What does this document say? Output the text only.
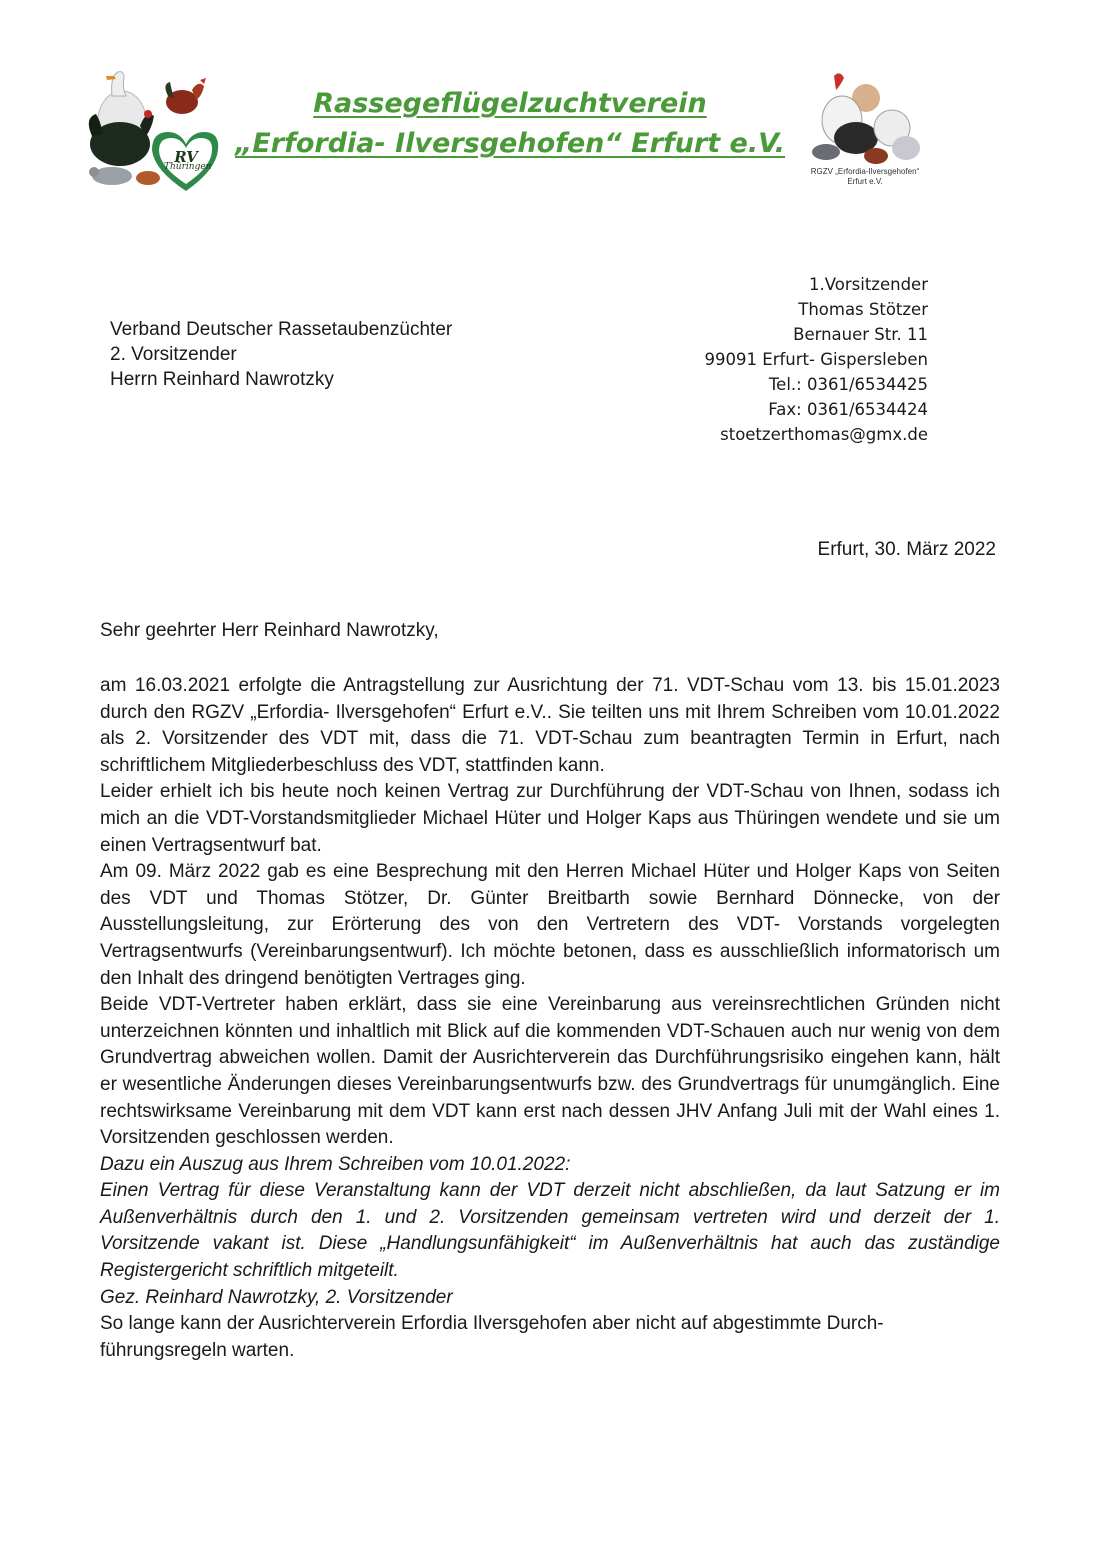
RV
Thüringen
Rassegeflügelzuchtverein
„Erfordia- Ilversgehofen“ Erfurt e.V.
RGZV „Erfordia-Ilversgehofen“
Erfurt e.V.
Verband Deutscher Rassetaubenzüchter
2. Vorsitzender
Herrn Reinhard Nawrotzky
1.Vorsitzender
Thomas Stötzer
Bernauer Str. 11
99091 Erfurt- Gispersleben
Tel.: 0361/6534425
Fax: 0361/6534424
stoetzerthomas@gmx.de
Erfurt, 30. März 2022
Sehr geehrter Herr Reinhard Nawrotzky,

am 16.03.2021 erfolgte die Antragstellung zur Ausrichtung der 71. VDT-Schau vom 13. bis 15.01.2023 durch den RGZV „Erfordia- Ilversgehofen“ Erfurt e.V.. Sie teilten uns mit Ihrem Schreiben vom 10.01.2022 als 2. Vorsitzender des VDT mit, dass die 71. VDT-Schau zum beantragten Termin in Erfurt, nach schriftlichem Mitgliederbeschluss des VDT, stattfinden kann.

Leider erhielt ich bis heute noch keinen Vertrag zur Durchführung der VDT-Schau von Ihnen, sodass ich mich an die VDT-Vorstandsmitglieder Michael Hüter und Holger Kaps aus Thüringen wendete und sie um einen Vertragsentwurf bat.

Am 09. März 2022 gab es eine Besprechung mit den Herren Michael Hüter und Holger Kaps von Seiten des VDT und Thomas Stötzer, Dr. Günter Breitbarth sowie Bernhard Dönnecke, von der Ausstellungsleitung, zur Erörterung des von den Vertretern des VDT- Vorstands vorgelegten Vertragsentwurfs (Vereinbarungsentwurf). Ich möchte betonen, dass es ausschließlich informatorisch um den Inhalt des dringend benötigten Vertrages ging.

Beide VDT-Vertreter haben erklärt, dass sie eine Vereinbarung aus vereinsrechtlichen Gründen nicht unterzeichnen könnten und inhaltlich mit Blick auf die kommenden VDT-Schauen auch nur wenig von dem Grundvertrag abweichen wollen. Damit der Ausrichterverein das Durchführungsrisiko eingehen kann, hält er wesentliche Änderungen dieses Vereinbarungsentwurfs bzw. des Grundvertrags für unumgänglich. Eine rechtswirksame Vereinbarung mit dem VDT kann erst nach dessen JHV Anfang Juli mit der Wahl eines 1. Vorsitzenden geschlossen werden.

Dazu ein Auszug aus Ihrem Schreiben vom 10.01.2022:

Einen Vertrag für diese Veranstaltung kann der VDT derzeit nicht abschließen, da laut Satzung er im Außenverhältnis durch den 1. und 2. Vorsitzenden gemeinsam vertreten wird und derzeit der 1. Vorsitzende vakant ist. Diese „Handlungsunfähigkeit“ im Außenverhältnis hat auch das zuständige Registergericht schriftlich mitgeteilt.

Gez. Reinhard Nawrotzky, 2. Vorsitzender

So lange kann der Ausrichterverein Erfordia Ilversgehofen aber nicht auf abgestimmte Durch-führungsregeln warten.
